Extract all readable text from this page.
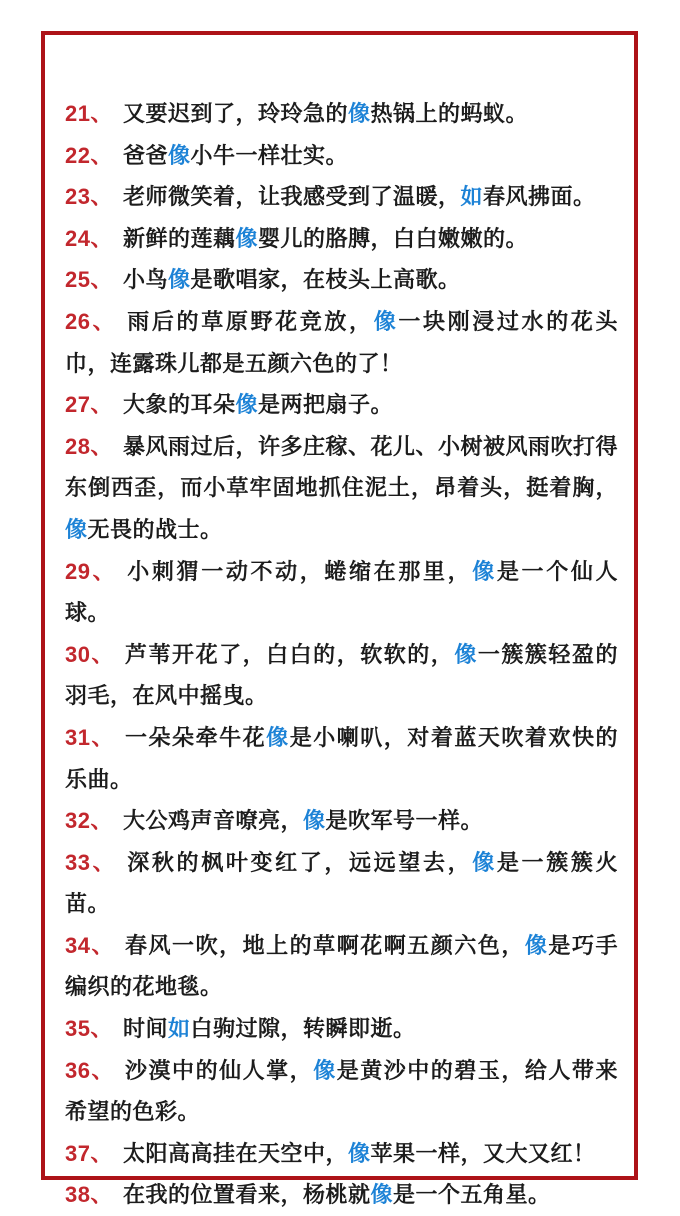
21、 又要迟到了，玲玲急的像热锅上的蚂蚁。

22、 爸爸像小牛一样壮实。

23、 老师微笑着，让我感受到了温暖，如春风拂面。

24、 新鲜的莲藕像婴儿的胳膊，白白嫩嫩的。

25、 小鸟像是歌唱家，在枝头上高歌。

26、 雨后的草原野花竞放，像一块刚浸过水的花头巾，连露珠儿都是五颜六色的了！

27、 大象的耳朵像是两把扇子。

28、 暴风雨过后，许多庄稼、花儿、小树被风雨吹打得东倒西歪，而小草牢固地抓住泥土，昂着头，挺着胸，像无畏的战士。

29、 小刺猬一动不动，蜷缩在那里，像是一个仙人球。

30、 芦苇开花了，白白的，软软的，像一簇簇轻盈的羽毛，在风中摇曳。

31、 一朵朵牵牛花像是小喇叭，对着蓝天吹着欢快的乐曲。

32、 大公鸡声音嘹亮，像是吹军号一样。

33、 深秋的枫叶变红了，远远望去，像是一簇簇火苗。

34、 春风一吹，地上的草啊花啊五颜六色，像是巧手编织的花地毯。

35、 时间如白驹过隙，转瞬即逝。

36、 沙漠中的仙人掌，像是黄沙中的碧玉，给人带来希望的色彩。

37、 太阳高高挂在天空中，像苹果一样，又大又红！

38、 在我的位置看来，杨桃就像是一个五角星。
